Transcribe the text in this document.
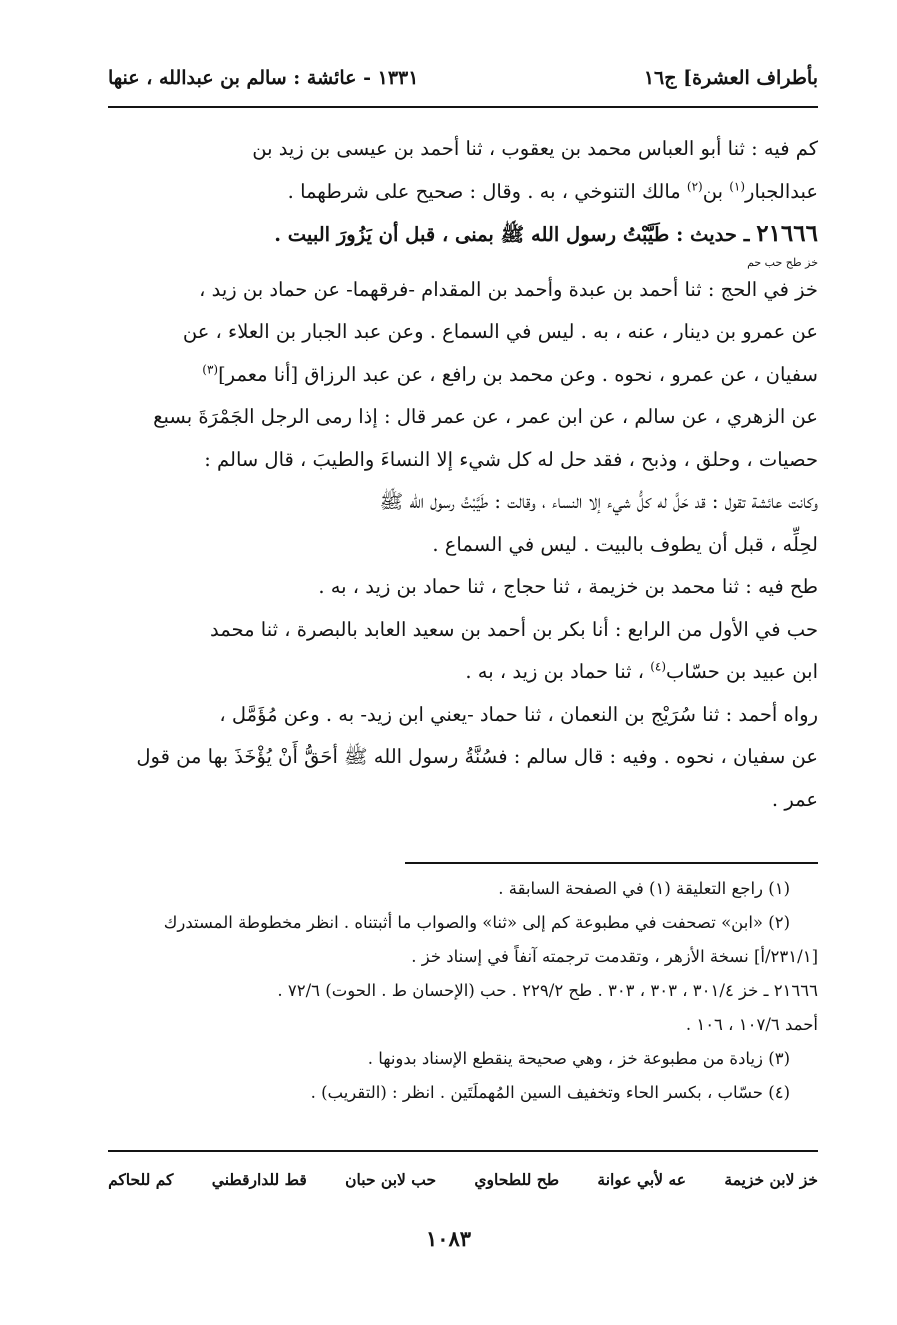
بأطراف العشرة] ج١٦
١٣٣١ - عائشة : سالم بن عبدالله ، عنها

كم فيه : ثنا أبو العباس محمد بن يعقوب ، ثنا أحمد بن عيسى بن زيد بن
عبدالجبار$^{(١)}$ بن$^{(٢)}$ مالك التنوخي ، به . وقال : صحيح على شرطهما .

٢١٦٦٦ ـ حديث : طَيَّبْتُ رسول الله ﷺ بمنى ، قبل أن يَزُورَ البيت .

خز طح حب حم

خز في الحج : ثنا أحمد بن عبدة وأحمد بن المقدام -فرقهما- عن حماد بن زيد ،
عن عمرو بن دينار ، عنه ، به . ليس في السماع . وعن عبد الجبار بن العلاء ، عن
سفيان ، عن عمرو ، نحوه . وعن محمد بن رافع ، عن عبد الرزاق [أنا معمر]$^{(٣)}$
عن الزهري ، عن سالم ، عن ابن عمر ، عن عمر قال : إذا رمى الرجل الجَمْرَةَ بسبع
حصيات ، وحلق ، وذبح ، فقد حل له كل شيء إلا النساءَ والطيبَ ، قال سالم :
وكانت عائشة تقول : قد حَلَّ له كلُّ شيء إلا النساء ، وقالت : طَيَّبْتُ رسول الله ﷺ
لحِلِّه ، قبل أن يطوف بالبيت . ليس في السماع .

طح فيه : ثنا محمد بن خزيمة ، ثنا حجاج ، ثنا حماد بن زيد ، به .

حب في الأول من الرابع : أنا بكر بن أحمد بن سعيد العابد بالبصرة ، ثنا محمد
ابن عبيد بن حسّاب$^{(٤)}$ ، ثنا حماد بن زيد ، به .

رواه أحمد : ثنا سُرَيْج بن النعمان ، ثنا حماد -يعني ابن زيد- به . وعن مُؤَمَّل ،
عن سفيان ، نحوه . وفيه : قال سالم : فسُنَّةُ رسول الله ﷺ أحَقُّ أَنْ يُؤْخَذَ بها من قول
عمر .

(١) راجع التعليقة (١) في الصفحة السابقة .

(٢) «ابن» تصحفت في مطبوعة كم إلى «ثنا» والصواب ما أثبتناه . انظر مخطوطة المستدرك

[٢٣١/١/أ] نسخة الأزهر ، وتقدمت ترجمته آنفاً في إسناد خز .

٢١٦٦٦ ـ خز ٣٠١/٤ ، ٣٠٣ ، ٣٠٣ . طح ٢٢٩/٢ . حب (الإحسان ط . الحوت) ٧٢/٦ .

أحمد ١٠٧/٦ ، ١٠٦ .

(٣) زيادة من مطبوعة خز ، وهي صحيحة ينقطع الإسناد بدونها .

(٤) حسّاب ، بكسر الحاء وتخفيف السين المُهملَتَين . انظر : (التقريب) .

خز لابن خزيمة
عه لأبي عوانة
طح للطحاوي
حب لابن حبان
قط للدارقطني
كم للحاكم
١٠٨٣
